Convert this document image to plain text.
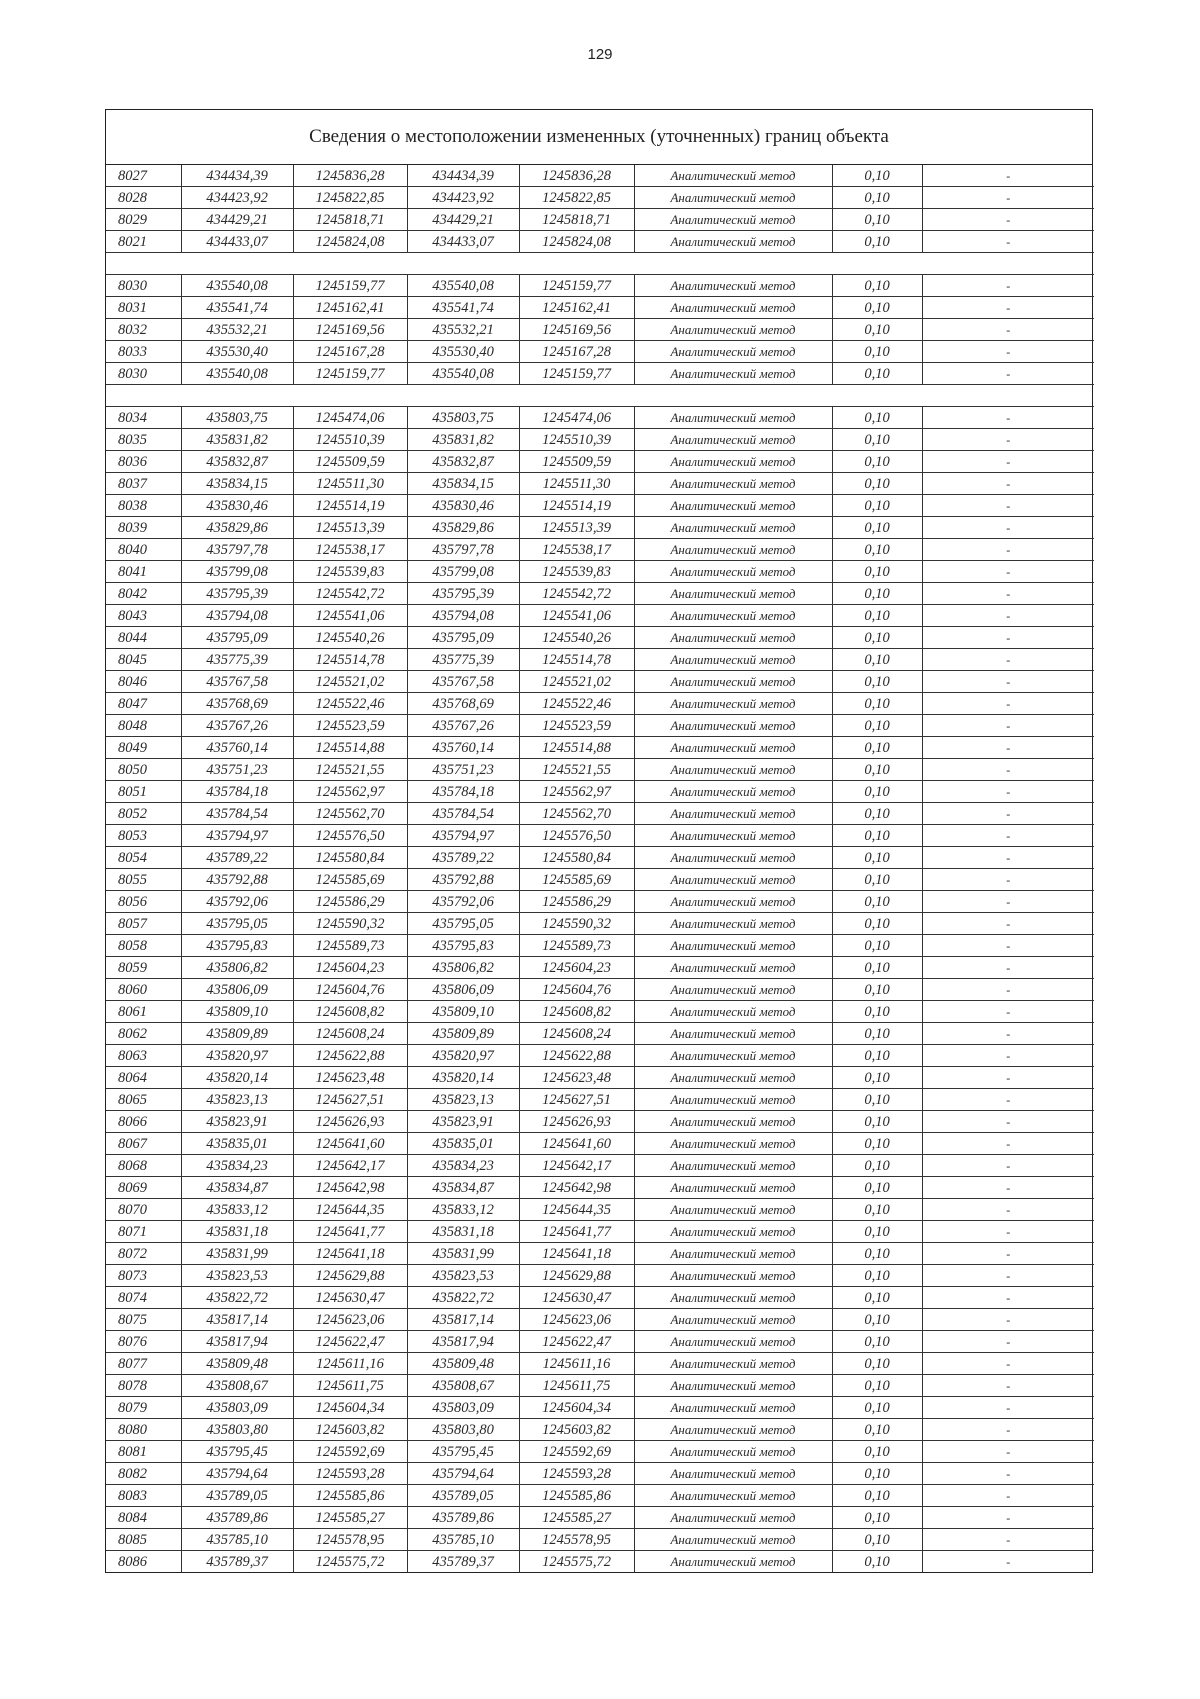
129
Сведения о местоположении измененных (уточненных) границ объекта
8027	434434,39	1245836,28	434434,39	1245836,28	Аналитический метод	0,10	-
8028	434423,92	1245822,85	434423,92	1245822,85	Аналитический метод	0,10	-
8029	434429,21	1245818,71	434429,21	1245818,71	Аналитический метод	0,10	-
8021	434433,07	1245824,08	434433,07	1245824,08	Аналитический метод	0,10	-

8030	435540,08	1245159,77	435540,08	1245159,77	Аналитический метод	0,10	-
8031	435541,74	1245162,41	435541,74	1245162,41	Аналитический метод	0,10	-
8032	435532,21	1245169,56	435532,21	1245169,56	Аналитический метод	0,10	-
8033	435530,40	1245167,28	435530,40	1245167,28	Аналитический метод	0,10	-
8030	435540,08	1245159,77	435540,08	1245159,77	Аналитический метод	0,10	-

8034	435803,75	1245474,06	435803,75	1245474,06	Аналитический метод	0,10	-
8035	435831,82	1245510,39	435831,82	1245510,39	Аналитический метод	0,10	-
8036	435832,87	1245509,59	435832,87	1245509,59	Аналитический метод	0,10	-
8037	435834,15	1245511,30	435834,15	1245511,30	Аналитический метод	0,10	-
8038	435830,46	1245514,19	435830,46	1245514,19	Аналитический метод	0,10	-
8039	435829,86	1245513,39	435829,86	1245513,39	Аналитический метод	0,10	-
8040	435797,78	1245538,17	435797,78	1245538,17	Аналитический метод	0,10	-
8041	435799,08	1245539,83	435799,08	1245539,83	Аналитический метод	0,10	-
8042	435795,39	1245542,72	435795,39	1245542,72	Аналитический метод	0,10	-
8043	435794,08	1245541,06	435794,08	1245541,06	Аналитический метод	0,10	-
8044	435795,09	1245540,26	435795,09	1245540,26	Аналитический метод	0,10	-
8045	435775,39	1245514,78	435775,39	1245514,78	Аналитический метод	0,10	-
8046	435767,58	1245521,02	435767,58	1245521,02	Аналитический метод	0,10	-
8047	435768,69	1245522,46	435768,69	1245522,46	Аналитический метод	0,10	-
8048	435767,26	1245523,59	435767,26	1245523,59	Аналитический метод	0,10	-
8049	435760,14	1245514,88	435760,14	1245514,88	Аналитический метод	0,10	-
8050	435751,23	1245521,55	435751,23	1245521,55	Аналитический метод	0,10	-
8051	435784,18	1245562,97	435784,18	1245562,97	Аналитический метод	0,10	-
8052	435784,54	1245562,70	435784,54	1245562,70	Аналитический метод	0,10	-
8053	435794,97	1245576,50	435794,97	1245576,50	Аналитический метод	0,10	-
8054	435789,22	1245580,84	435789,22	1245580,84	Аналитический метод	0,10	-
8055	435792,88	1245585,69	435792,88	1245585,69	Аналитический метод	0,10	-
8056	435792,06	1245586,29	435792,06	1245586,29	Аналитический метод	0,10	-
8057	435795,05	1245590,32	435795,05	1245590,32	Аналитический метод	0,10	-
8058	435795,83	1245589,73	435795,83	1245589,73	Аналитический метод	0,10	-
8059	435806,82	1245604,23	435806,82	1245604,23	Аналитический метод	0,10	-
8060	435806,09	1245604,76	435806,09	1245604,76	Аналитический метод	0,10	-
8061	435809,10	1245608,82	435809,10	1245608,82	Аналитический метод	0,10	-
8062	435809,89	1245608,24	435809,89	1245608,24	Аналитический метод	0,10	-
8063	435820,97	1245622,88	435820,97	1245622,88	Аналитический метод	0,10	-
8064	435820,14	1245623,48	435820,14	1245623,48	Аналитический метод	0,10	-
8065	435823,13	1245627,51	435823,13	1245627,51	Аналитический метод	0,10	-
8066	435823,91	1245626,93	435823,91	1245626,93	Аналитический метод	0,10	-
8067	435835,01	1245641,60	435835,01	1245641,60	Аналитический метод	0,10	-
8068	435834,23	1245642,17	435834,23	1245642,17	Аналитический метод	0,10	-
8069	435834,87	1245642,98	435834,87	1245642,98	Аналитический метод	0,10	-
8070	435833,12	1245644,35	435833,12	1245644,35	Аналитический метод	0,10	-
8071	435831,18	1245641,77	435831,18	1245641,77	Аналитический метод	0,10	-
8072	435831,99	1245641,18	435831,99	1245641,18	Аналитический метод	0,10	-
8073	435823,53	1245629,88	435823,53	1245629,88	Аналитический метод	0,10	-
8074	435822,72	1245630,47	435822,72	1245630,47	Аналитический метод	0,10	-
8075	435817,14	1245623,06	435817,14	1245623,06	Аналитический метод	0,10	-
8076	435817,94	1245622,47	435817,94	1245622,47	Аналитический метод	0,10	-
8077	435809,48	1245611,16	435809,48	1245611,16	Аналитический метод	0,10	-
8078	435808,67	1245611,75	435808,67	1245611,75	Аналитический метод	0,10	-
8079	435803,09	1245604,34	435803,09	1245604,34	Аналитический метод	0,10	-
8080	435803,80	1245603,82	435803,80	1245603,82	Аналитический метод	0,10	-
8081	435795,45	1245592,69	435795,45	1245592,69	Аналитический метод	0,10	-
8082	435794,64	1245593,28	435794,64	1245593,28	Аналитический метод	0,10	-
8083	435789,05	1245585,86	435789,05	1245585,86	Аналитический метод	0,10	-
8084	435789,86	1245585,27	435789,86	1245585,27	Аналитический метод	0,10	-
8085	435785,10	1245578,95	435785,10	1245578,95	Аналитический метод	0,10	-
8086	435789,37	1245575,72	435789,37	1245575,72	Аналитический метод	0,10	-
